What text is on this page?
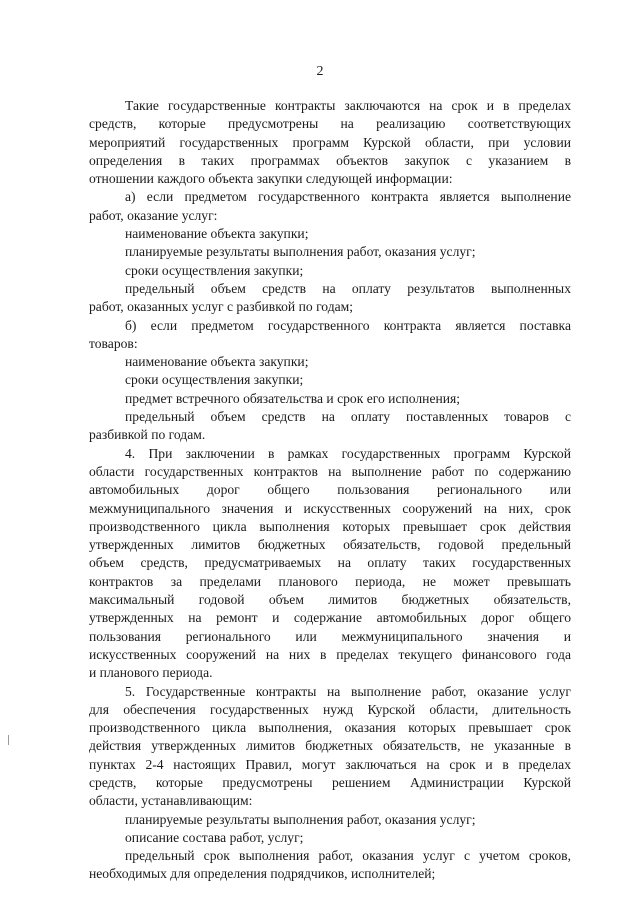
2
Такие государственные контракты заключаются на срок и в пределах
средств, которые предусмотрены на реализацию соответствующих
мероприятий государственных программ Курской области, при условии
определения в таких программах объектов закупок с указанием в
отношении каждого объекта закупки следующей информации:
а) если предметом государственного контракта является выполнение
работ, оказание услуг:
наименование объекта закупки;
планируемые результаты выполнения работ, оказания услуг;
сроки осуществления закупки;
предельный объем средств на оплату результатов выполненных
работ, оказанных услуг с разбивкой по годам;
б) если предметом государственного контракта является поставка
товаров:
наименование объекта закупки;
сроки осуществления закупки;
предмет встречного обязательства и срок его исполнения;
предельный объем средств на оплату поставленных товаров с
разбивкой по годам.
4. При заключении в рамках государственных программ Курской
области государственных контрактов на выполнение работ по содержанию
автомобильных дорог общего пользования регионального или
межмуниципального значения и искусственных сооружений на них, срок
производственного цикла выполнения которых превышает срок действия
утвержденных лимитов бюджетных обязательств, годовой предельный
объем средств, предусматриваемых на оплату таких государственных
контрактов за пределами планового периода, не может превышать
максимальный годовой объем лимитов бюджетных обязательств,
утвержденных на ремонт и содержание автомобильных дорог общего
пользования регионального или межмуниципального значения и
искусственных сооружений на них в пределах текущего финансового года
и планового периода.
5. Государственные контракты на выполнение работ, оказание услуг
для обеспечения государственных нужд Курской области, длительность
производственного цикла выполнения, оказания которых превышает срок
действия утвержденных лимитов бюджетных обязательств, не указанные в
пунктах 2-4 настоящих Правил, могут заключаться на срок и в пределах
средств, которые предусмотрены решением Администрации Курской
области, устанавливающим:
планируемые результаты выполнения работ, оказания услуг;
описание состава работ, услуг;
предельный срок выполнения работ, оказания услуг с учетом сроков,
необходимых для определения подрядчиков, исполнителей;
